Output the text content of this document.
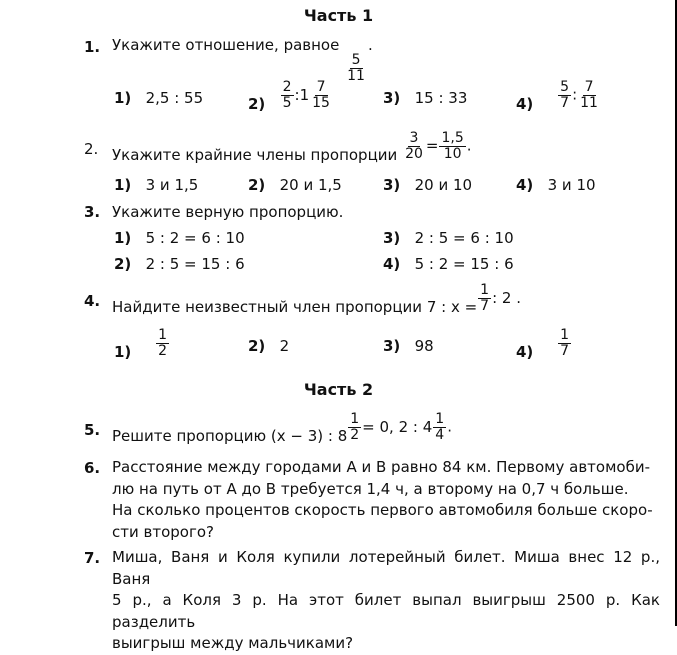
Часть 1
1. Укажите отношение, равное
$\frac{5}{11}$
.
1) 2,5 : 55	$2) \frac{2}{5}$ :1 $\frac{7}{15}$	3) 15 : 33	$4) \frac{5}{7}$ : $\frac{7}{11}$
2. Укажите крайние члены пропорции $\frac{3}{20} = \frac{1,5}{10}$ .
1) 3 и 1,5	2) 20 и 1,5	3) 20 и 10	4) 3 и 10
3. Укажите верную пропорцию.
1) 5 : 2 = 6 : 10
2) 2 : 5 = 15 : 6
3) 2 : 5 = 6 : 10
4) 5 : 2 = 15 : 6
4. Найдите неизвестный член пропорции 7 : $x = \frac{1}{7}$ : 2 .
$1) \frac{1}{2}$	2) 2	3) 98	$4) \frac{1}{7}$
Часть 2
5. Решите пропорцию (x − 3) : $8 \frac{1}{2} = 0$, 2 : $4 \frac{1}{4}$ .
6. Расстояние между городами А и В равно 84 км. Первому автомоби-
лю на путь от А до В требуется 1,4 ч, а второму на 0,7 ч больше.
На сколько процентов скорость первого автомобиля больше скоро-
сти второго?
7. Миша, Ваня и Коля купили лотерейный билет. Миша внес 12 р., Ваня
5 р., а Коля 3 р. На этот билет выпал выигрыш 2500 р. Как разделить
выигрыш между мальчиками?
